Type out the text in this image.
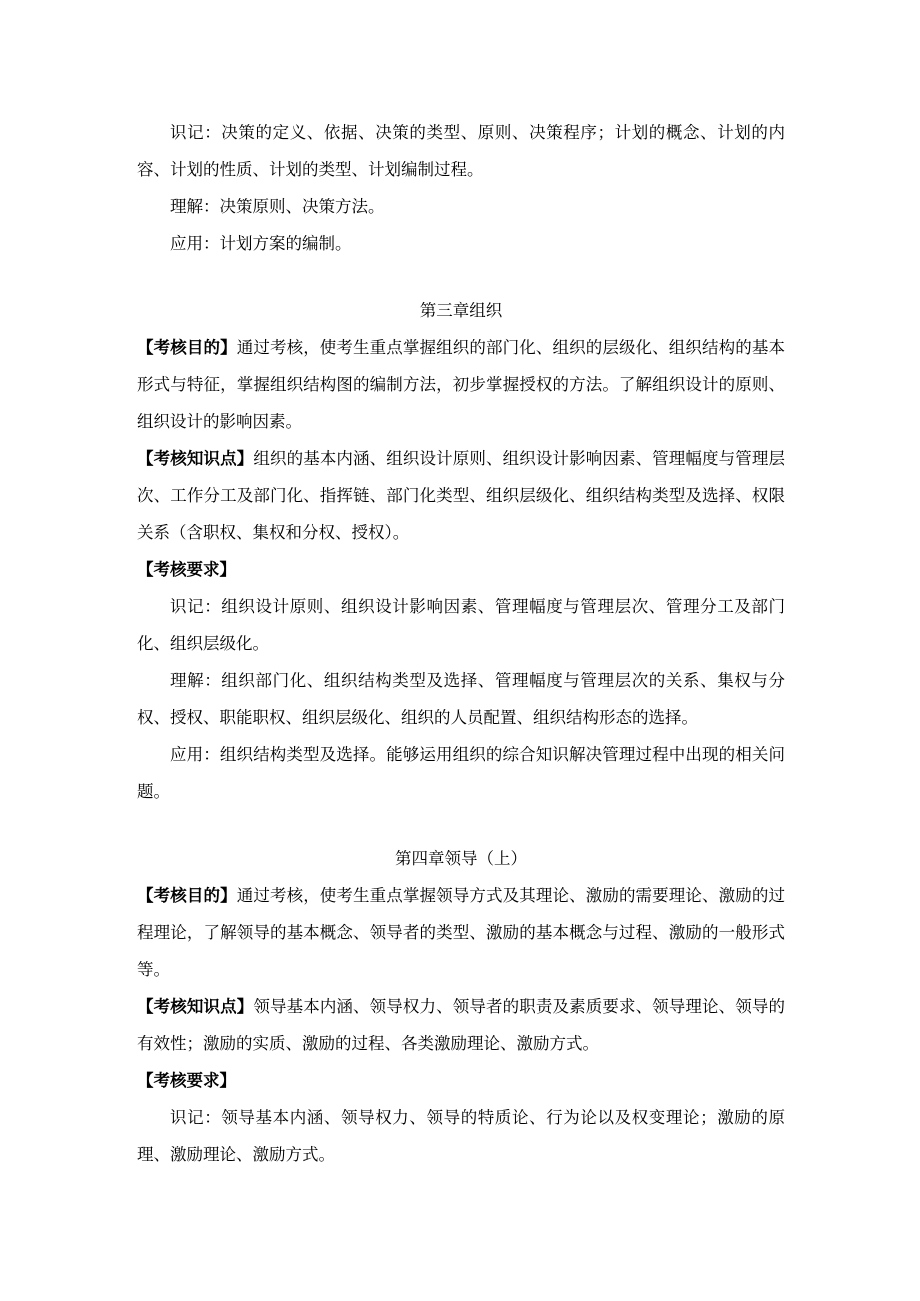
识记：决策的定义、依据、决策的类型、原则、决策程序；计划的概念、计划的内容、计划的性质、计划的类型、计划编制过程。

理解：决策原则、决策方法。

应用：计划方案的编制。

第三章组织

【考核目的】通过考核，使考生重点掌握组织的部门化、组织的层级化、组织结构的基本形式与特征，掌握组织结构图的编制方法，初步掌握授权的方法。了解组织设计的原则、组织设计的影响因素。

【考核知识点】组织的基本内涵、组织设计原则、组织设计影响因素、管理幅度与管理层次、工作分工及部门化、指挥链、部门化类型、组织层级化、组织结构类型及选择、权限关系（含职权、集权和分权、授权）。

【考核要求】

识记：组织设计原则、组织设计影响因素、管理幅度与管理层次、管理分工及部门化、组织层级化。

理解：组织部门化、组织结构类型及选择、管理幅度与管理层次的关系、集权与分权、授权、职能职权、组织层级化、组织的人员配置、组织结构形态的选择。

应用：组织结构类型及选择。能够运用组织的综合知识解决管理过程中出现的相关问题。

第四章领导（上）

【考核目的】通过考核，使考生重点掌握领导方式及其理论、激励的需要理论、激励的过程理论，了解领导的基本概念、领导者的类型、激励的基本概念与过程、激励的一般形式等。

【考核知识点】领导基本内涵、领导权力、领导者的职责及素质要求、领导理论、领导的有效性；激励的实质、激励的过程、各类激励理论、激励方式。

【考核要求】

识记：领导基本内涵、领导权力、领导的特质论、行为论以及权变理论；激励的原理、激励理论、激励方式。
